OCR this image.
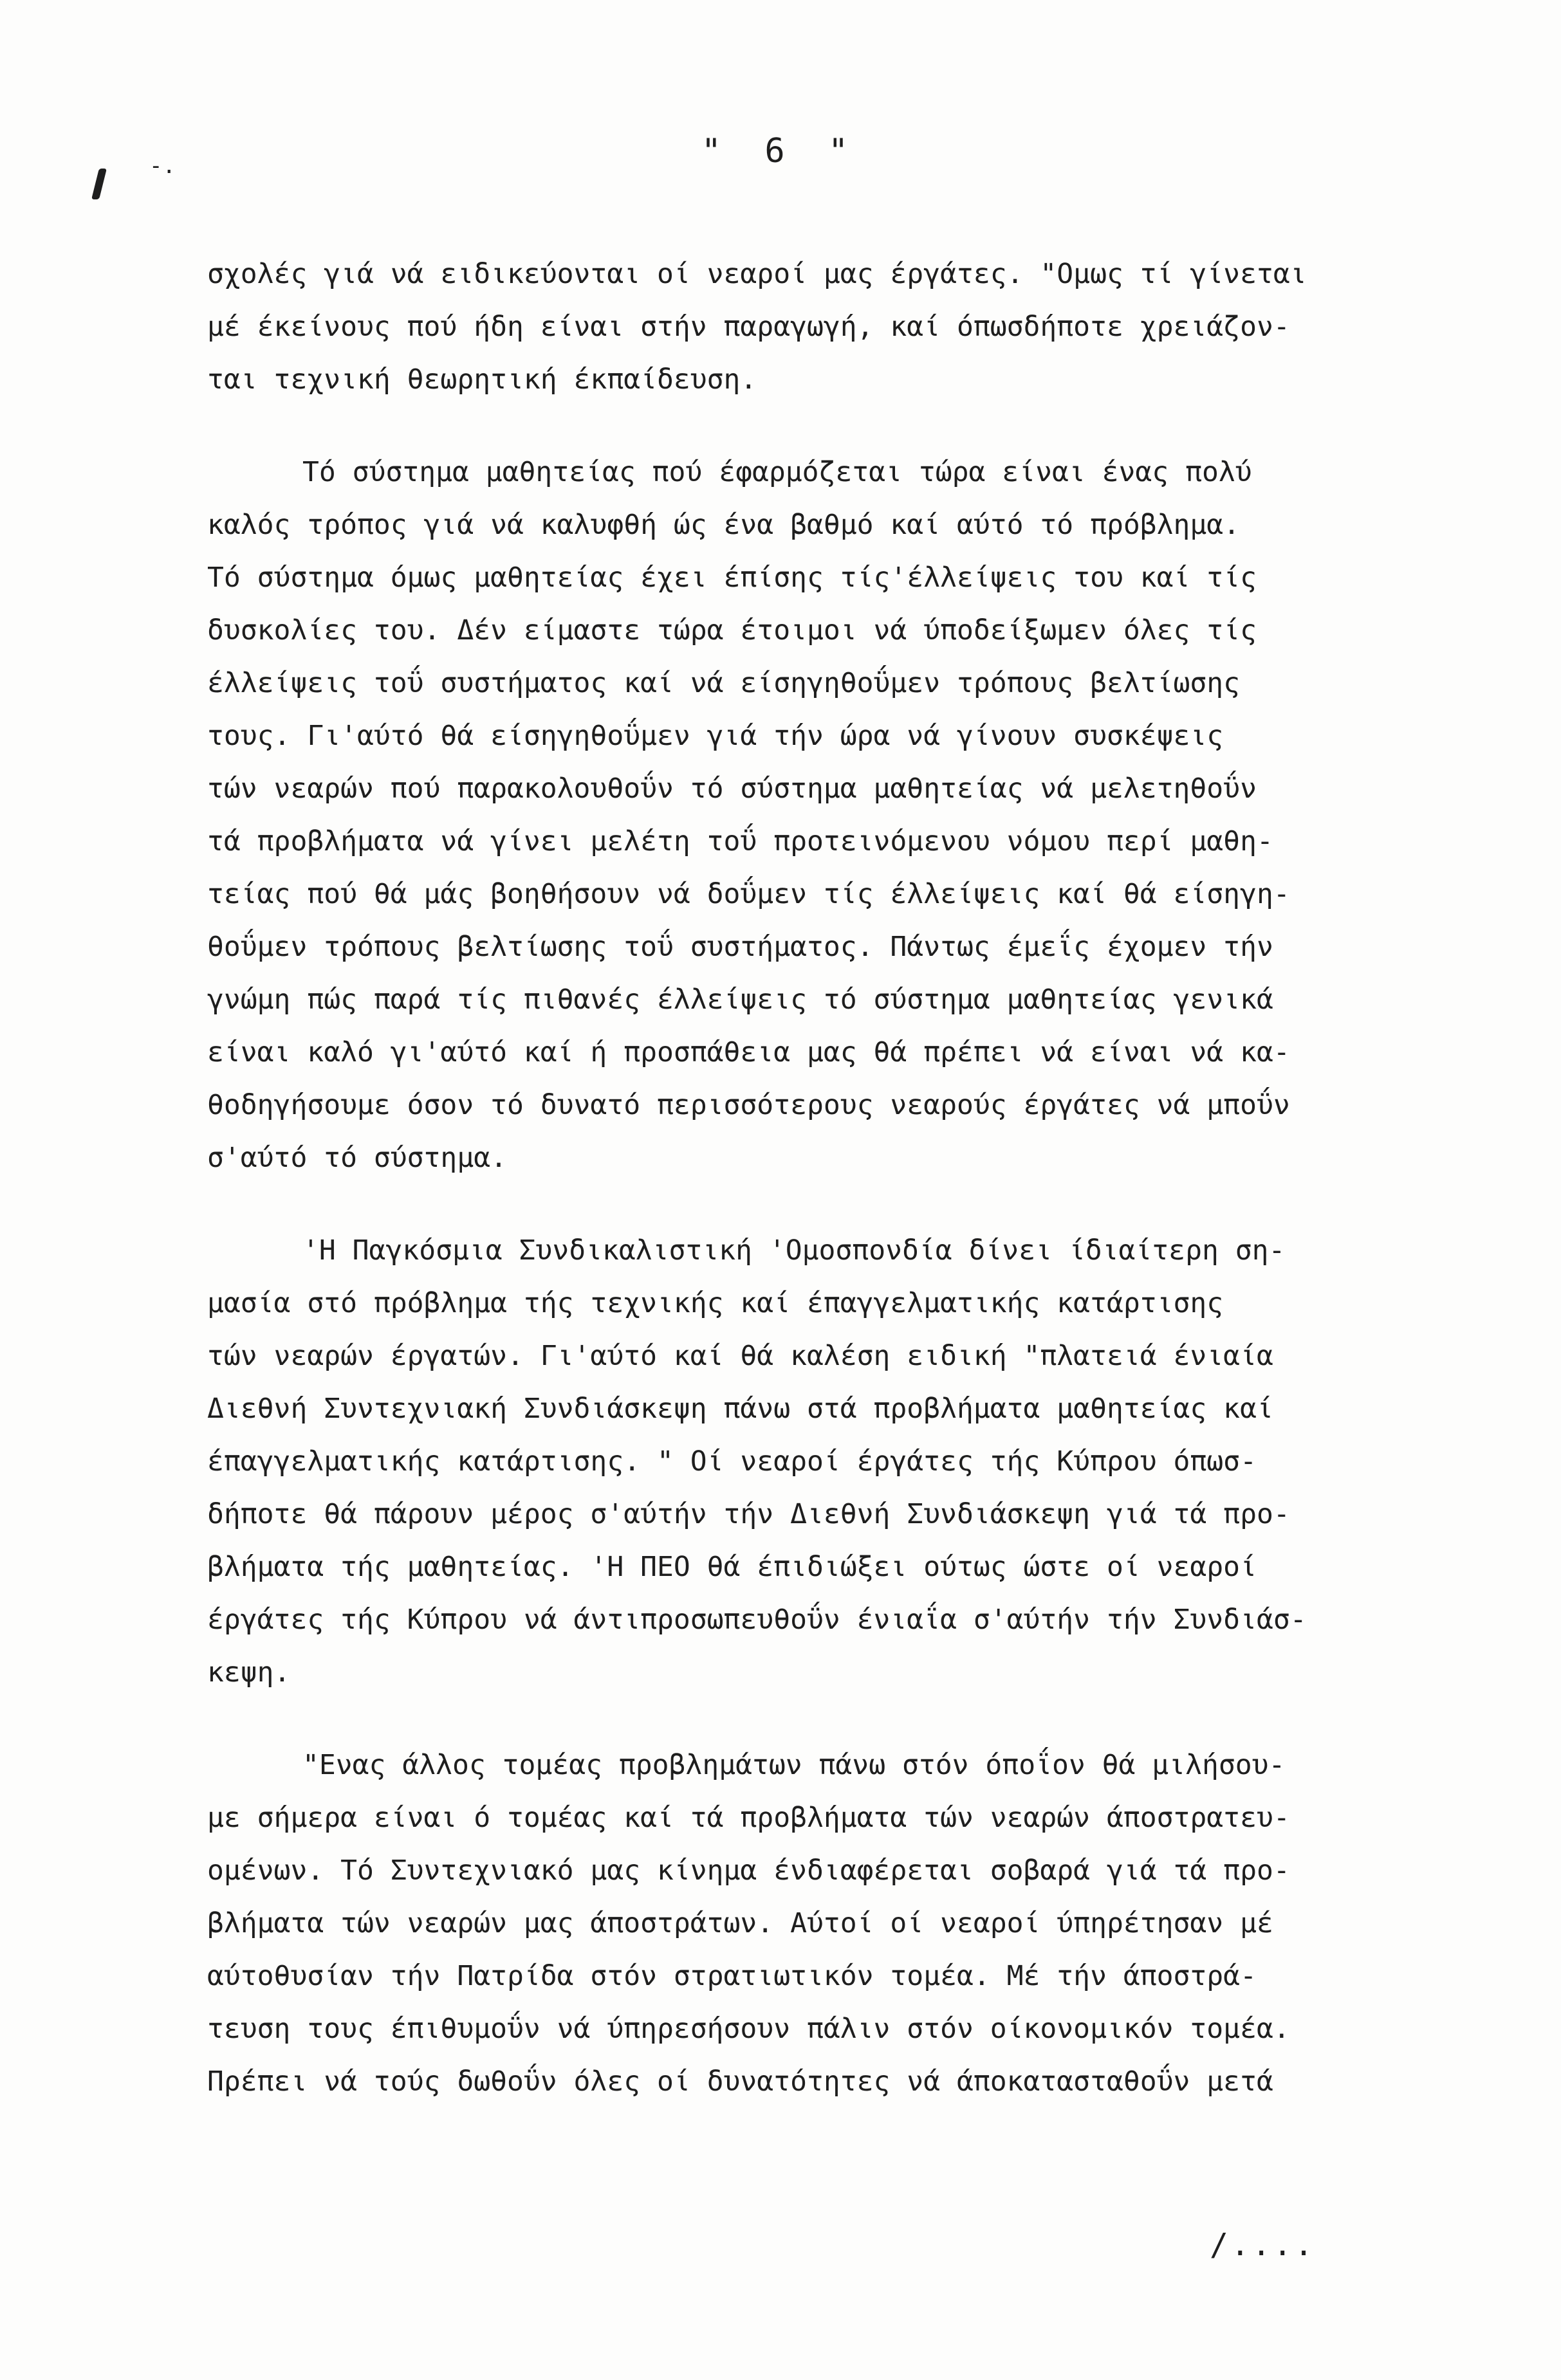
-.	" 6 "
σχολές γιά νά ειδικεύονται οί νεαροί μας έργάτες. "Ομως τί γίνεται
μέ έκείνους πού ήδη είναι στήν παραγωγή, καί όπωσδήποτε χρειάζον-
ται τεχνική θεωρητική έκπαίδευση.
Τό σύστημα μαθητείας πού έφαρμόζεται τώρα είναι ένας πολύ
καλός τρόπος γιά νά καλυφθή ώς ένα βαθμό καί αύτό τό πρόβλημα.
Τό σύστημα όμως μαθητείας έχει έπίσης τίς'έλλείψεις του καί τίς
δυσκολίες του. Δέν είμαστε τώρα έτοιμοι νά ύποδείξωμεν όλες τίς
έλλείψεις τοΰ συστήματος καί νά είσηγηθοΰμεν τρόπους βελτίωσης
τους. Γι'αύτό θά είσηγηθοΰμεν γιά τήν ώρα νά γίνουν συσκέψεις
τών νεαρών πού παρακολουθοΰν τό σύστημα μαθητείας νά μελετηθοΰν
τά προβλήματα νά γίνει μελέτη τοΰ προτεινόμενου νόμου περί μαθη-
τείας πού θά μάς βοηθήσουν νά δοΰμεν τίς έλλείψεις καί θά είσηγη-
θοΰμεν τρόπους βελτίωσης τοΰ συστήματος. Πάντως έμεΐς έχομεν τήν
γνώμη πώς παρά τίς πιθανές έλλείψεις τό σύστημα μαθητείας γενικά
είναι καλό γι'αύτό καί ή προσπάθεια μας θά πρέπει νά είναι νά κα-
θοδηγήσουμε όσον τό δυνατό περισσότερους νεαρούς έργάτες νά μποΰν
σ'αύτό τό σύστημα.
'Η Παγκόσμια Συνδικαλιστική 'Ομοσπονδία δίνει ίδιαίτερη ση-
μασία στό πρόβλημα τής τεχνικής καί έπαγγελματικής κατάρτισης
τών νεαρών έργατών. Γι'αύτό καί θά καλέση ειδική "πλατειά ένιαία
Διεθνή Συντεχνιακή Συνδιάσκεψη πάνω στά προβλήματα μαθητείας καί
έπαγγελματικής κατάρτισης. " Οί νεαροί έργάτες τής Κύπρου όπωσ-
δήποτε θά πάρουν μέρος σ'αύτήν τήν Διεθνή Συνδιάσκεψη γιά τά προ-
βλήματα τής μαθητείας. 'Η ΠΕΟ θά έπιδιώξει ούτως ώστε οί νεαροί
έργάτες τής Κύπρου νά άντιπροσωπευθοΰν ένιαΐα σ'αύτήν τήν Συνδιάσ-
κεψη.
"Ενας άλλος τομέας προβλημάτων πάνω στόν όποΐον θά μιλήσου-
με σήμερα είναι ό τομέας καί τά προβλήματα τών νεαρών άποστρατευ-
ομένων. Τό Συντεχνιακό μας κίνημα ένδιαφέρεται σοβαρά γιά τά προ-
βλήματα τών νεαρών μας άποστράτων. Αύτοί οί νεαροί ύπηρέτησαν μέ
αύτοθυσίαν τήν Πατρίδα στόν στρατιωτικόν τομέα. Μέ τήν άποστρά-
τευση τους έπιθυμοΰν νά ύπηρεσήσουν πάλιν στόν οίκονομικόν τομέα.
Πρέπει νά τούς δωθοΰν όλες οί δυνατότητες νά άποκατασταθοΰν μετά
/....
